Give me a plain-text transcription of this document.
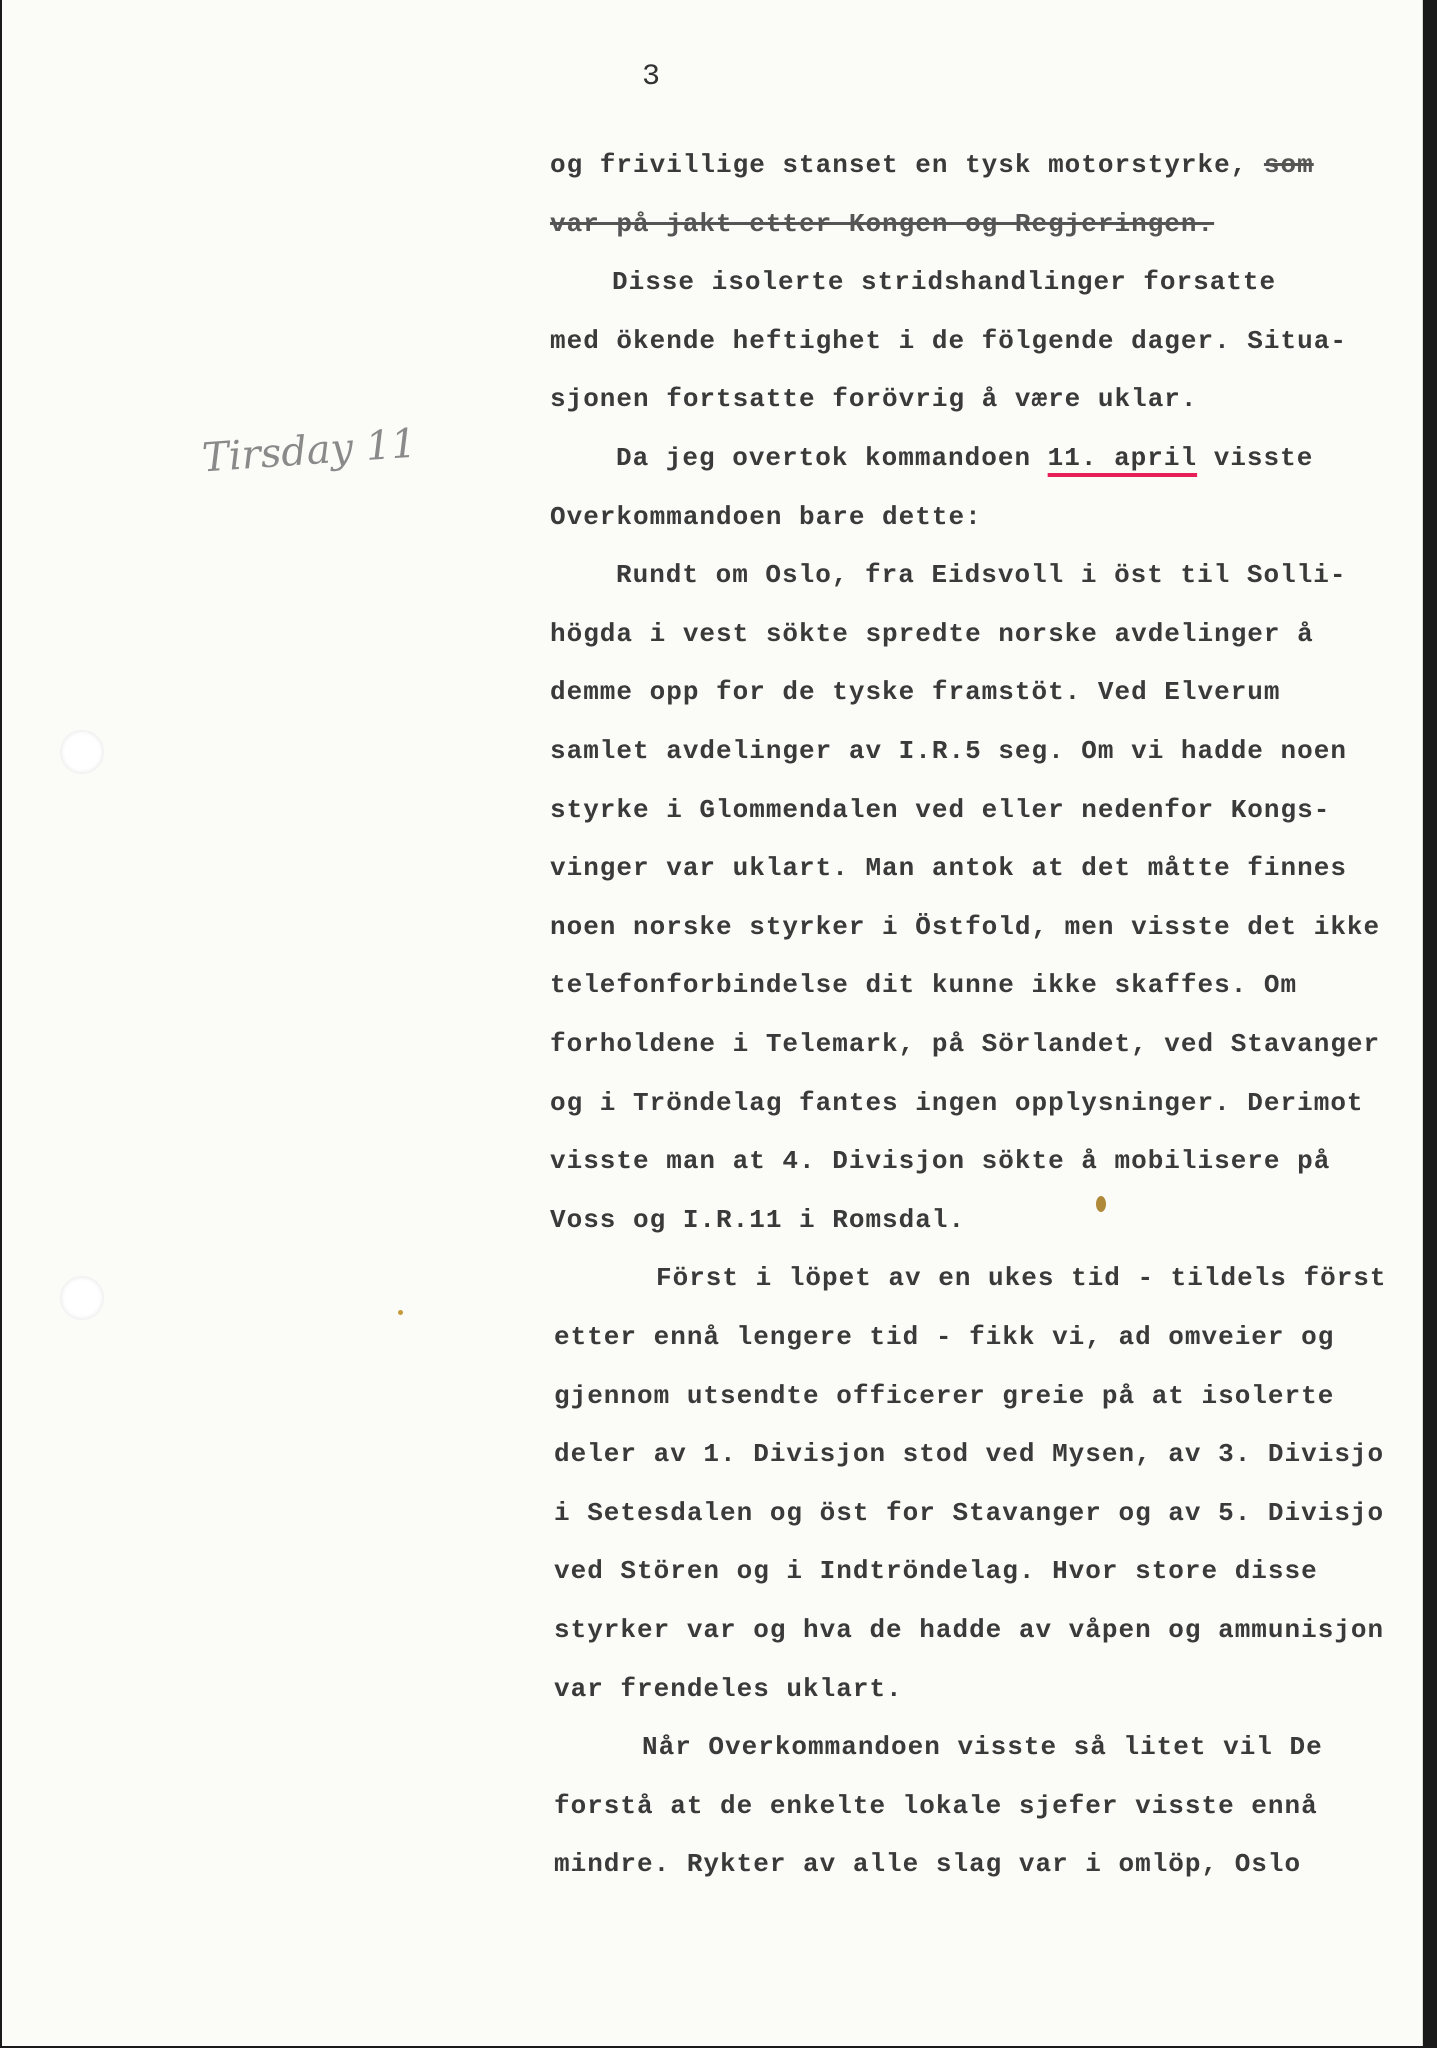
3
Tirsday 11
og frivillige stanset en tysk motorstyrke, som
var på jakt etter Kongen og Regjeringen.
Disse isolerte stridshandlinger forsatte
med ökende heftighet i de fölgende dager. Situa-
sjonen fortsatte forövrig å være uklar.
Da jeg overtok kommandoen 11. april visste
Overkommandoen bare dette:
Rundt om Oslo, fra Eidsvoll i öst til Solli-
högda i vest sökte spredte norske avdelinger å
demme opp for de tyske framstöt. Ved Elverum
samlet avdelinger av I.R.5 seg. Om vi hadde noen
styrke i Glommendalen ved eller nedenfor Kongs-
vinger var uklart. Man antok at det måtte finnes
noen norske styrker i Östfold, men visste det ikke
telefonforbindelse dit kunne ikke skaffes. Om
forholdene i Telemark, på Sörlandet, ved Stavanger
og i Tröndelag fantes ingen opplysninger. Derimot
visste man at 4. Divisjon sökte å mobilisere på
Voss og I.R.11 i Romsdal.
Först i löpet av en ukes tid - tildels först
etter ennå lengere tid - fikk vi, ad omveier og
gjennom utsendte officerer greie på at isolerte
deler av 1. Divisjon stod ved Mysen, av 3. Divisjo
i Setesdalen og öst for Stavanger og av 5. Divisjo
ved Stören og i Indtröndelag. Hvor store disse
styrker var og hva de hadde av våpen og ammunisjon
var frendeles uklart.
Når Overkommandoen visste så litet vil De
forstå at de enkelte lokale sjefer visste ennå
mindre. Rykter av alle slag var i omlöp, Oslo
